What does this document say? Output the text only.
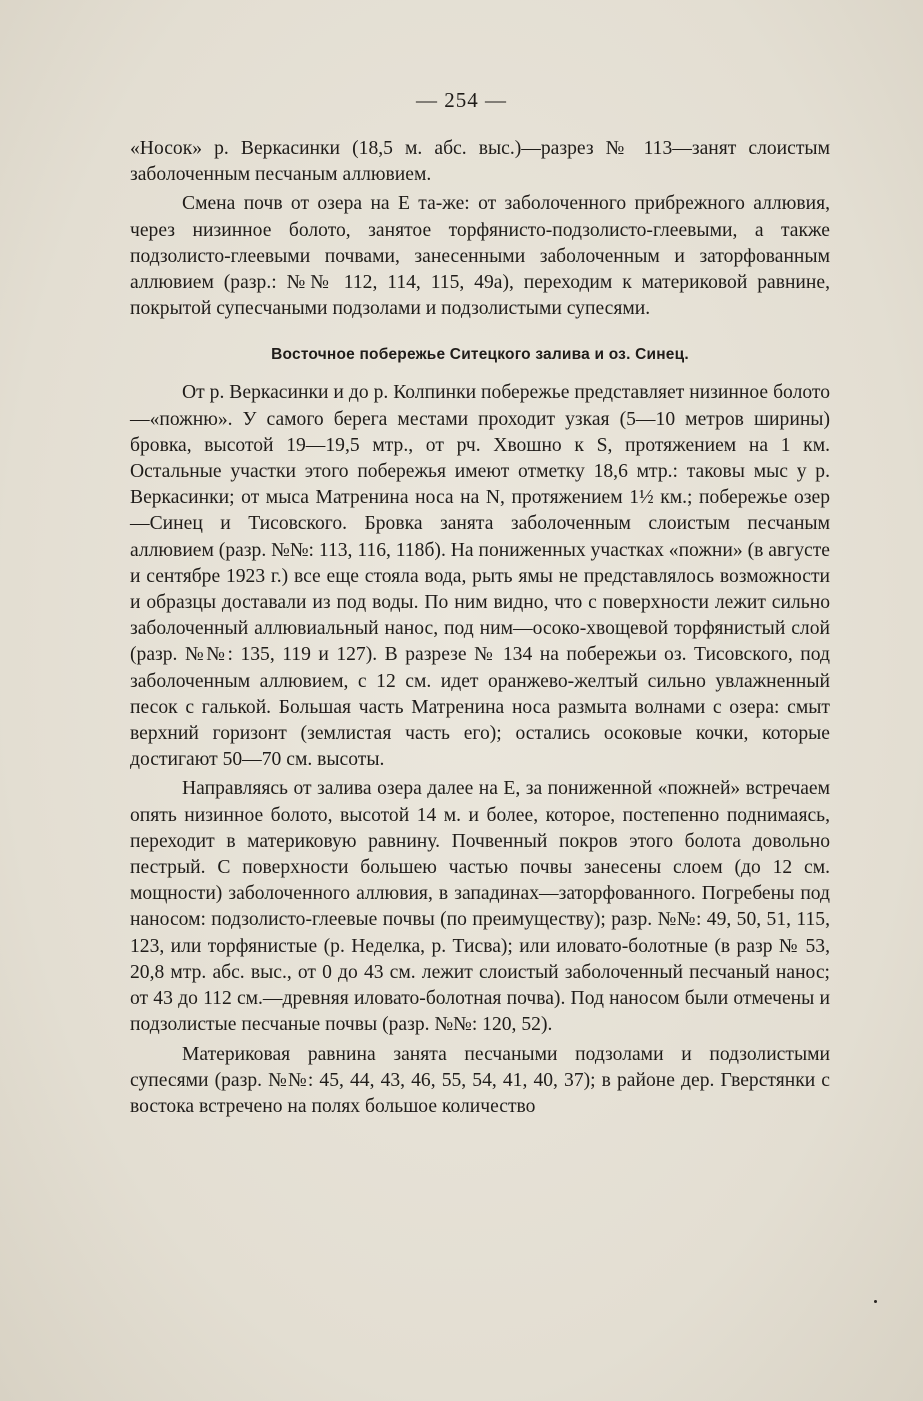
— 254 —

«Носок» р. Веркасинки (18,5 м. абс. выс.)—разрез № 113—занят слоистым заболоченным песчаным аллювием.

Смена почв от озера на Е та-же: от заболоченного прибрежного аллювия, через низинное болото, занятое торфянисто-подзолисто-глеевыми, а также подзолисто-глеевыми почвами, занесенными заболоченным и заторфованным аллювием (разр.: №№ 112, 114, 115, 49а), переходим к материковой равнине, покрытой супесчаными подзолами и подзолистыми супесями.

Восточное побережье Ситецкого залива и оз. Синец.

От р. Веркасинки и до р. Колпинки побережье представляет низинное болото—«пожню». У самого берега местами проходит узкая (5—10 метров ширины) бровка, высотой 19—19,5 мтр., от рч. Хвошно к S, протяжением на 1 км. Остальные участки этого побережья имеют отметку 18,6 мтр.: таковы мыс у р. Веркасинки; от мыса Матренина носа на N, протяжением 1½ км.; побережье озер—Синец и Тисовского. Бровка занята заболоченным слоистым песчаным аллювием (разр. №№: 113, 116, 118б). На пониженных участках «пожни» (в августе и сентябре 1923 г.) все еще стояла вода, рыть ямы не представлялось возможности и образцы доставали из под воды. По ним видно, что с поверхности лежит сильно заболоченный аллювиальный нанос, под ним—осоко-хвощевой торфянистый слой (разр. №№: 135, 119 и 127). В разрезе № 134 на побережьи оз. Тисовского, под заболоченным аллювием, с 12 см. идет оранжево-желтый сильно увлажненный песок с галькой. Большая часть Матренина носа размыта волнами с озера: смыт верхний горизонт (землистая часть его); остались осоковые кочки, которые достигают 50—70 см. высоты.

Направляясь от залива озера далее на Е, за пониженной «пожней» встречаем опять низинное болото, высотой 14 м. и более, которое, постепенно поднимаясь, переходит в материковую равнину. Почвенный покров этого болота довольно пестрый. С поверхности большею частью почвы занесены слоем (до 12 см. мощности) заболоченного аллювия, в западинах—заторфованного. Погребены под наносом: подзолисто-глеевые почвы (по преимуществу); разр. №№: 49, 50, 51, 115, 123, или торфянистые (р. Неделка, р. Тисва); или иловато-болотные (в разр № 53, 20,8 мтр. абс. выс., от 0 до 43 см. лежит слоистый заболоченный песчаный нанос; от 43 до 112 см.—древняя иловато-болотная почва). Под наносом были отмечены и подзолистые песчаные почвы (разр. №№: 120, 52).

Материковая равнина занята песчаными подзолами и подзолистыми супесями (разр. №№: 45, 44, 43, 46, 55, 54, 41, 40, 37); в районе дер. Гверстянки с востока встречено на полях большое количество
